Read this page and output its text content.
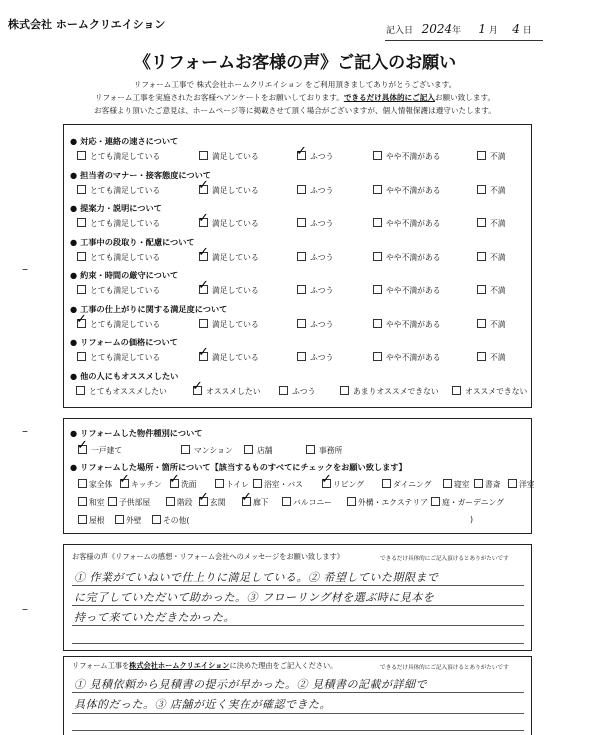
株式会社 ホームクリエイション	記入日 2024年 1 月 4 日
《リフォームお客様の声》ご記入のお願い
リフォーム工事で 株式会社ホームクリエイション をご利用頂きましてありがとうございます。
リフォーム工事を実施されたお客様へアンケートをお願いしております。できるだけ具体的にご記入お願い致します。
お客様より頂いたご意見は、ホームページ等に掲載させて頂く場合がございますが、個人情報保護は遵守いたします。
–
–
–
● 対応・連絡の速さについて
とても満足している	満足している ✓	ふつう	やや不満がある	不満
● 担当者のマナー・接客態度について
とても満足している ✓	満足している	ふつう	やや不満がある	不満
● 提案力・説明について
とても満足している ✓	満足している	ふつう	やや不満がある	不満
● 工事中の段取り・配慮について
とても満足している ✓	満足している	ふつう	やや不満がある	不満
● 約束・時間の厳守について
とても満足している ✓	満足している	ふつう	やや不満がある	不満
● 工事の仕上がりに関する満足度について
✓とても満足している	満足している	ふつう	やや不満がある	不満
● リフォームの価格について
とても満足している ✓	満足している	ふつう	やや不満がある	不満
● 他の人にもオススメしたい
とてもオススメしたい ✓	オススメしたい	ふつう	あまりオススメできない	オススメできない
● リフォームした物件種別について
✓一戸建て	マンション	店舗	事務所
● リフォームした場所・箇所について【該当するものすべてにチェックをお願い致します】
家全体 ✓	キッチン ✓	洗面	トイレ	浴室・バス ✓	リビング	ダイニング	寝室	書斎	洋室
和室	子供部屋	階段 ✓	玄関 ✓	廊下	バルコニー	外構・エクステリア	庭・ガーデニング
屋根	外壁	その他(	)
お客様の声《リフォームの感想・リフォーム会社へのメッセージをお願い致します》	できるだけ具体的にご記入頂けるとありがたいです
① 作業がていねいで仕上りに満足している。② 希望していた期限まで
に完了していただいて助かった。③ フローリング材を選ぶ時に見本を
持って来ていただきたかった。
リフォーム工事を株式会社ホームクリエイションに決めた理由をご記入ください。	できるだけ具体的にご記入頂けるとありがたいです
① 見積依頼から見積書の提示が早かった。② 見積書の記載が詳細で
具体的だった。③ 店舗が近く実在が確認できた。
